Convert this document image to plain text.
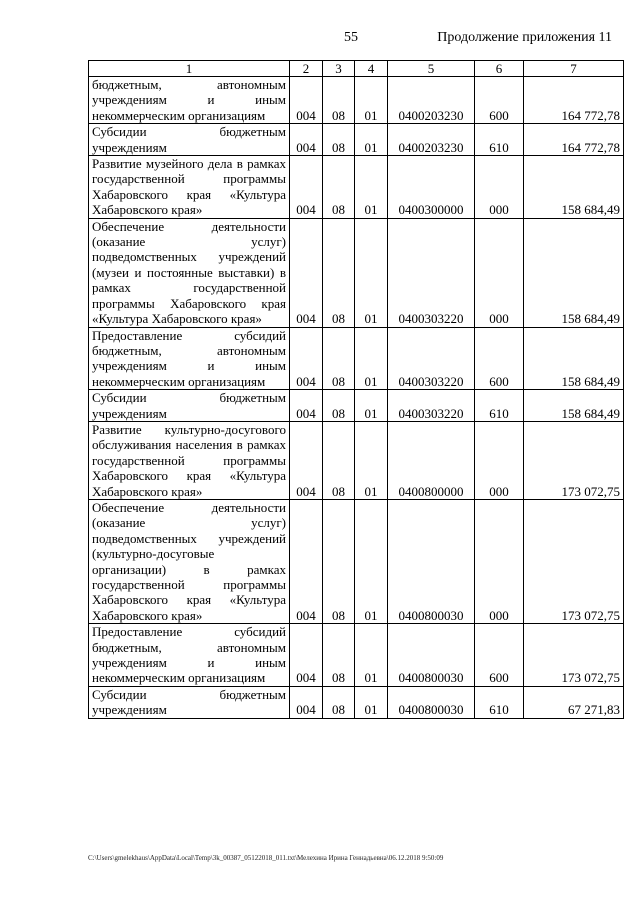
55	Продолжение приложения 11
1	2	3	4	5	6	7
бюджетным, автономным учреждениям и иным некоммерческим организациям	004	08	01	0400203230	600	164 772,78
Субсидии бюджетным учреждениям	004	08	01	0400203230	610	164 772,78
Развитие музейного дела в рамках государственной программы Хабаровского края «Культура Хабаровского края»	004	08	01	0400300000	000	158 684,49
Обеспечение деятельности (оказание услуг) подведомственных учреждений (музеи и постоянные выставки) в рамках государственной программы Хабаровского края «Культура Хабаровского края»	004	08	01	0400303220	000	158 684,49
Предоставление субсидий бюджетным, автономным учреждениям и иным некоммерческим организациям	004	08	01	0400303220	600	158 684,49
Субсидии бюджетным учреждениям	004	08	01	0400303220	610	158 684,49
Развитие культурно-досугового обслуживания населения в рамках государственной программы Хабаровского края «Культура Хабаровского края»	004	08	01	0400800000	000	173 072,75
Обеспечение деятельности (оказание услуг) подведомственных учреждений (культурно-досуговые организации) в рамках государственной программы Хабаровского края «Культура Хабаровского края»	004	08	01	0400800030	000	173 072,75
Предоставление субсидий бюджетным, автономным учреждениям и иным некоммерческим организациям	004	08	01	0400800030	600	173 072,75
Субсидии бюджетным учреждениям	004	08	01	0400800030	610	67 271,83
C:\Users\gmelekhaus\AppData\Local\Temp\3k_00387_05122018_011.txt\Мелехина Ирина Геннадьевна\06.12.2018 9:50:09
